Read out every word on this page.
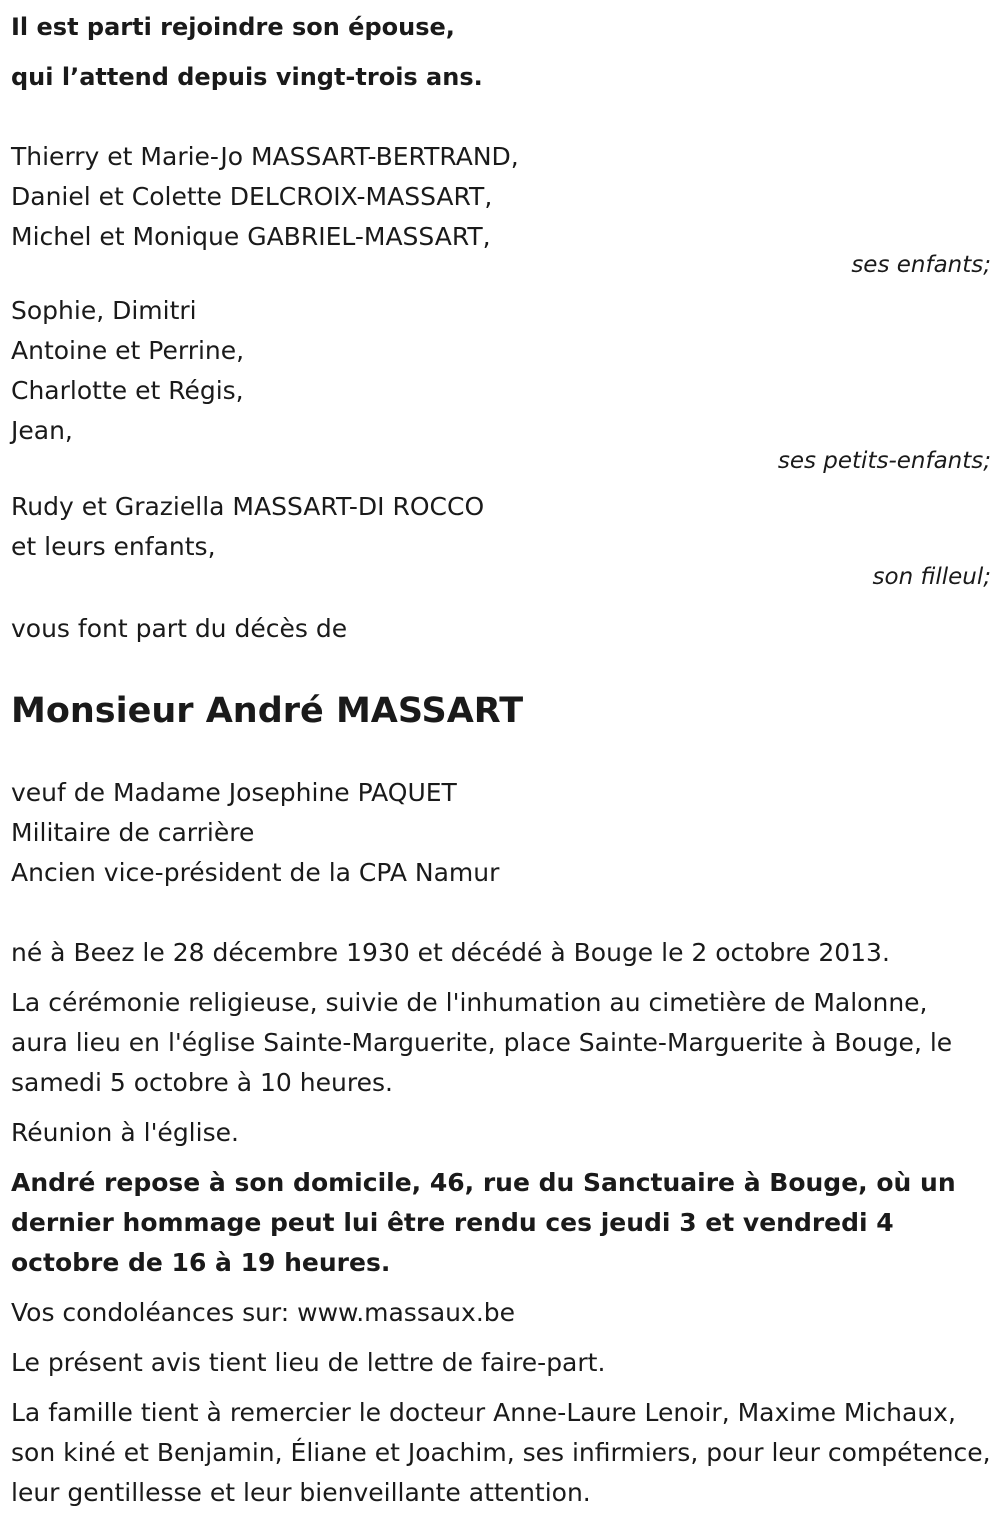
Il est parti rejoindre son épouse,
qui l’attend depuis vingt-trois ans.
Thierry et Marie-Jo MASSART-BERTRAND,
Daniel et Colette DELCROIX-MASSART,
Michel et Monique GABRIEL-MASSART,
ses enfants;
Sophie, Dimitri
Antoine et Perrine,
Charlotte et Régis,
Jean,
ses petits-enfants;
Rudy et Graziella MASSART-DI ROCCO
et leurs enfants,
son filleul;
vous font part du décès de
Monsieur André MASSART
veuf de Madame Josephine PAQUET
Militaire de carrière
Ancien vice-président de la CPA Namur
né à Beez le 28 décembre 1930 et décédé à Bouge le 2 octobre 2013.
La cérémonie religieuse, suivie de l'inhumation au cimetière de Malonne, aura lieu en l'église Sainte-Marguerite, place Sainte-Marguerite à Bouge, le samedi 5 octobre à 10 heures.
Réunion à l'église.
André repose à son domicile, 46, rue du Sanctuaire à Bouge, où un dernier hommage peut lui être rendu ces jeudi 3 et vendredi 4 octobre de 16 à 19 heures.
Vos condoléances sur: www.massaux.be
Le présent avis tient lieu de lettre de faire-part.
La famille tient à remercier le docteur Anne-Laure Lenoir, Maxime Michaux, son kiné et Benjamin, Éliane et Joachim, ses infirmiers, pour leur compétence, leur gentillesse et leur bienveillante attention.
